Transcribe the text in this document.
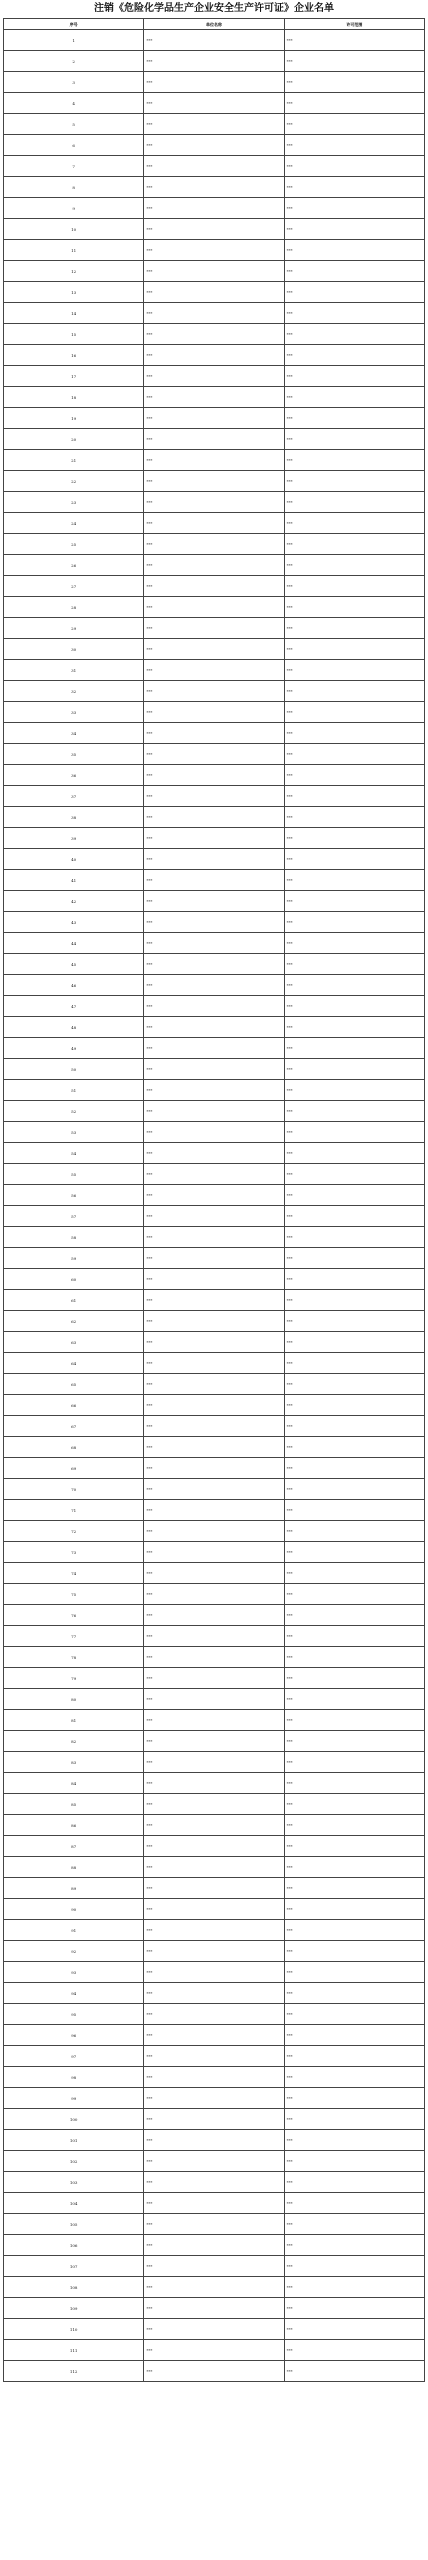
注销《危险化学品生产企业安全生产许可证》企业名单
序号	单位名称	许可范围
1	***	***
2	***	***
3	***	***
4	***	***
5	***	***
6	***	***
7	***	***
8	***	***
9	***	***
10	***	***
11	***	***
12	***	***
13	***	***
14	***	***
15	***	***
16	***	***
17	***	***
18	***	***
19	***	***
20	***	***
21	***	***
22	***	***
23	***	***
24	***	***
25	***	***
26	***	***
27	***	***
28	***	***
29	***	***
30	***	***
31	***	***
32	***	***
33	***	***
34	***	***
35	***	***
36	***	***
37	***	***
38	***	***
39	***	***
40	***	***
41	***	***
42	***	***
43	***	***
44	***	***
45	***	***
46	***	***
47	***	***
48	***	***
49	***	***
50	***	***
51	***	***
52	***	***
53	***	***
54	***	***
55	***	***
56	***	***
57	***	***
58	***	***
59	***	***
60	***	***
61	***	***
62	***	***
63	***	***
64	***	***
65	***	***
66	***	***
67	***	***
68	***	***
69	***	***
70	***	***
71	***	***
72	***	***
73	***	***
74	***	***
75	***	***
76	***	***
77	***	***
78	***	***
79	***	***
80	***	***
81	***	***
82	***	***
83	***	***
84	***	***
85	***	***
86	***	***
87	***	***
88	***	***
89	***	***
90	***	***
91	***	***
92	***	***
93	***	***
94	***	***
95	***	***
96	***	***
97	***	***
98	***	***
99	***	***
100	***	***
101	***	***
102	***	***
103	***	***
104	***	***
105	***	***
106	***	***
107	***	***
108	***	***
109	***	***
110	***	***
111	***	***
112	***	***
